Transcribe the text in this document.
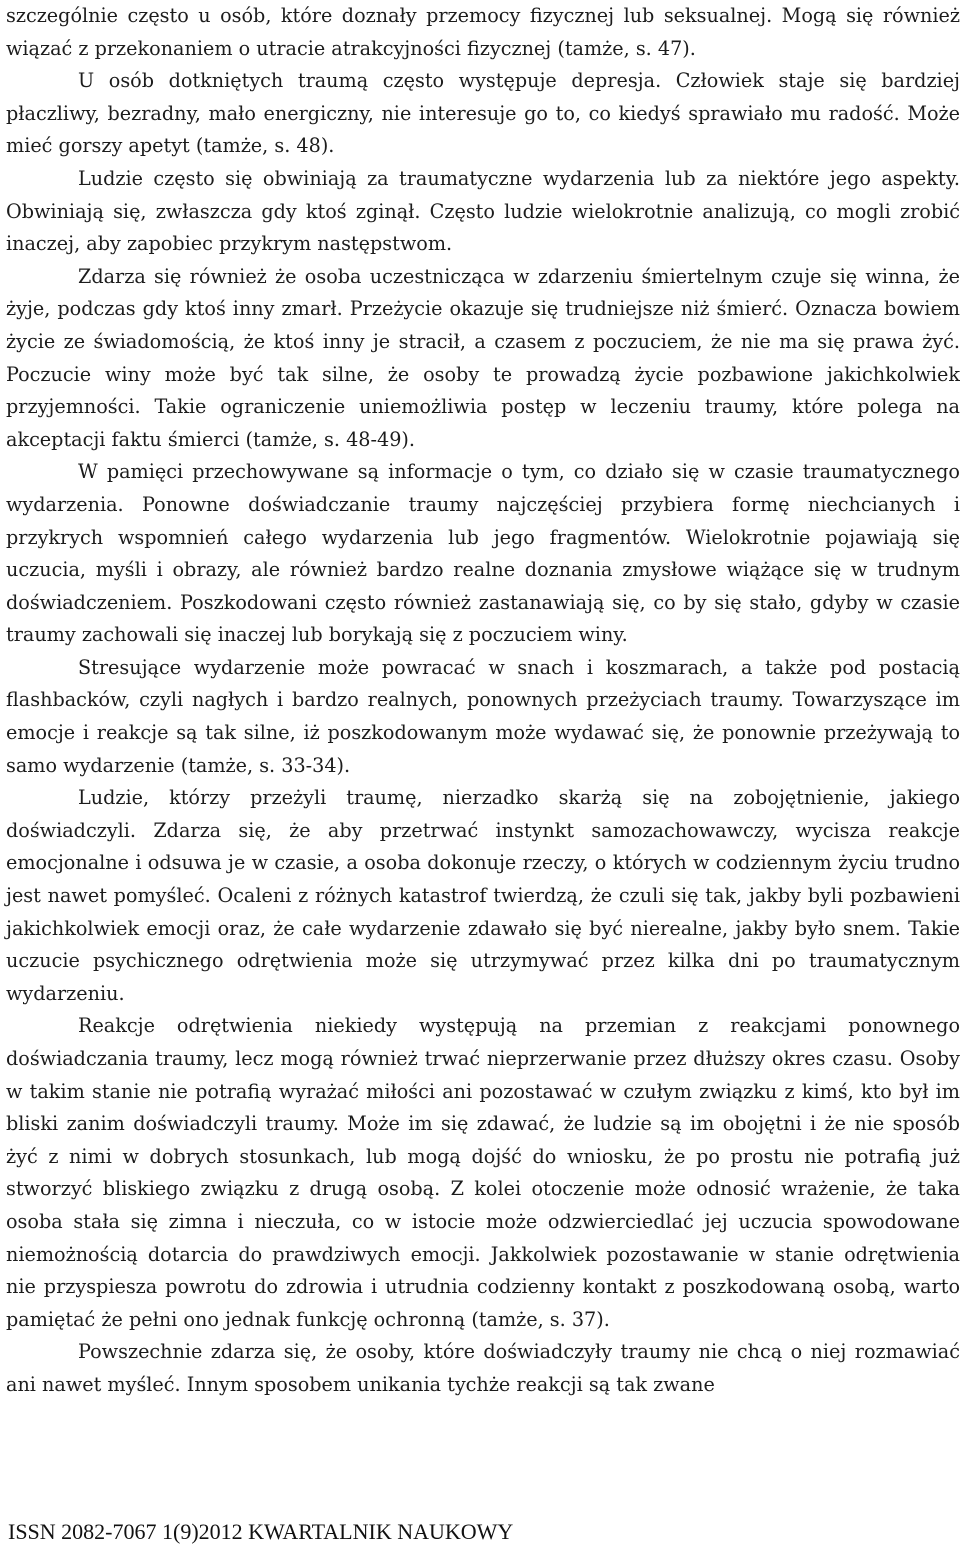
szczególnie często u osób, które doznały przemocy fizycznej lub seksualnej. Mogą się również wiązać z przekonaniem o utracie atrakcyjności fizycznej (tamże, s. 47).

U osób dotkniętych traumą często występuje depresja. Człowiek staje się bardziej płaczliwy, bezradny, mało energiczny, nie interesuje go to, co kiedyś sprawiało mu radość. Może mieć gorszy apetyt (tamże, s. 48).

Ludzie często się obwiniają za traumatyczne wydarzenia lub za niektóre jego aspekty. Obwiniają się, zwłaszcza gdy ktoś zginął. Często ludzie wielokrotnie analizują, co mogli zrobić inaczej, aby zapobiec przykrym następstwom.

Zdarza się również że osoba uczestnicząca w zdarzeniu śmiertelnym czuje się winna, że żyje, podczas gdy ktoś inny zmarł. Przeżycie okazuje się trudniejsze niż śmierć. Oznacza bowiem życie ze świadomością, że ktoś inny je stracił, a czasem z poczuciem, że nie ma się prawa żyć. Poczucie winy może być tak silne, że osoby te prowadzą życie pozbawione jakichkolwiek przyjemności. Takie ograniczenie uniemożliwia postęp w leczeniu traumy, które polega na akceptacji faktu śmierci (tamże, s. 48-49).

W pamięci przechowywane są informacje o tym, co działo się w czasie traumatycznego wydarzenia. Ponowne doświadczanie traumy najczęściej przybiera formę niechcianych i przykrych wspomnień całego wydarzenia lub jego fragmentów. Wielokrotnie pojawiają się uczucia, myśli i obrazy, ale również bardzo realne doznania zmysłowe wiążące się w trudnym doświadczeniem. Poszkodowani często również zastanawiają się, co by się stało, gdyby w czasie traumy zachowali się inaczej lub borykają się z poczuciem winy.

Stresujące wydarzenie może powracać w snach i koszmarach, a także pod postacią flashbacków, czyli nagłych i bardzo realnych, ponownych przeżyciach traumy. Towarzyszące im emocje i reakcje są tak silne, iż poszkodowanym może wydawać się, że ponownie przeżywają to samo wydarzenie (tamże, s. 33-34).

Ludzie, którzy przeżyli traumę, nierzadko skarżą się na zobojętnienie, jakiego doświadczyli. Zdarza się, że aby przetrwać instynkt samozachowawczy, wycisza reakcje emocjonalne i odsuwa je w czasie, a osoba dokonuje rzeczy, o których w codziennym życiu trudno jest nawet pomyśleć. Ocaleni z różnych katastrof twierdzą, że czuli się tak, jakby byli pozbawieni jakichkolwiek emocji oraz, że całe wydarzenie zdawało się być nierealne, jakby było snem. Takie uczucie psychicznego odrętwienia może się utrzymywać przez kilka dni po traumatycznym wydarzeniu.

Reakcje odrętwienia niekiedy występują na przemian z reakcjami ponownego doświadczania traumy, lecz mogą również trwać nieprzerwanie przez dłuższy okres czasu. Osoby w takim stanie nie potrafią wyrażać miłości ani pozostawać w czułym związku z kimś, kto był im bliski zanim doświadczyli traumy. Może im się zdawać, że ludzie są im obojętni i że nie sposób żyć z nimi w dobrych stosunkach, lub mogą dojść do wniosku, że po prostu nie potrafią już stworzyć bliskiego związku z drugą osobą. Z kolei otoczenie może odnosić wrażenie, że taka osoba stała się zimna i nieczuła, co w istocie może odzwierciedlać jej uczucia spowodowane niemożnością dotarcia do prawdziwych emocji. Jakkolwiek pozostawanie w stanie odrętwienia nie przyspiesza powrotu do zdrowia i utrudnia codzienny kontakt z poszkodowaną osobą, warto pamiętać że pełni ono jednak funkcję ochronną (tamże, s. 37).

Powszechnie zdarza się, że osoby, które doświadczyły traumy nie chcą o niej rozmawiać ani nawet myśleć. Innym sposobem unikania tychże reakcji są tak zwane

ISSN 2082-7067 1(9)2012 KWARTALNIK NAUKOWY
